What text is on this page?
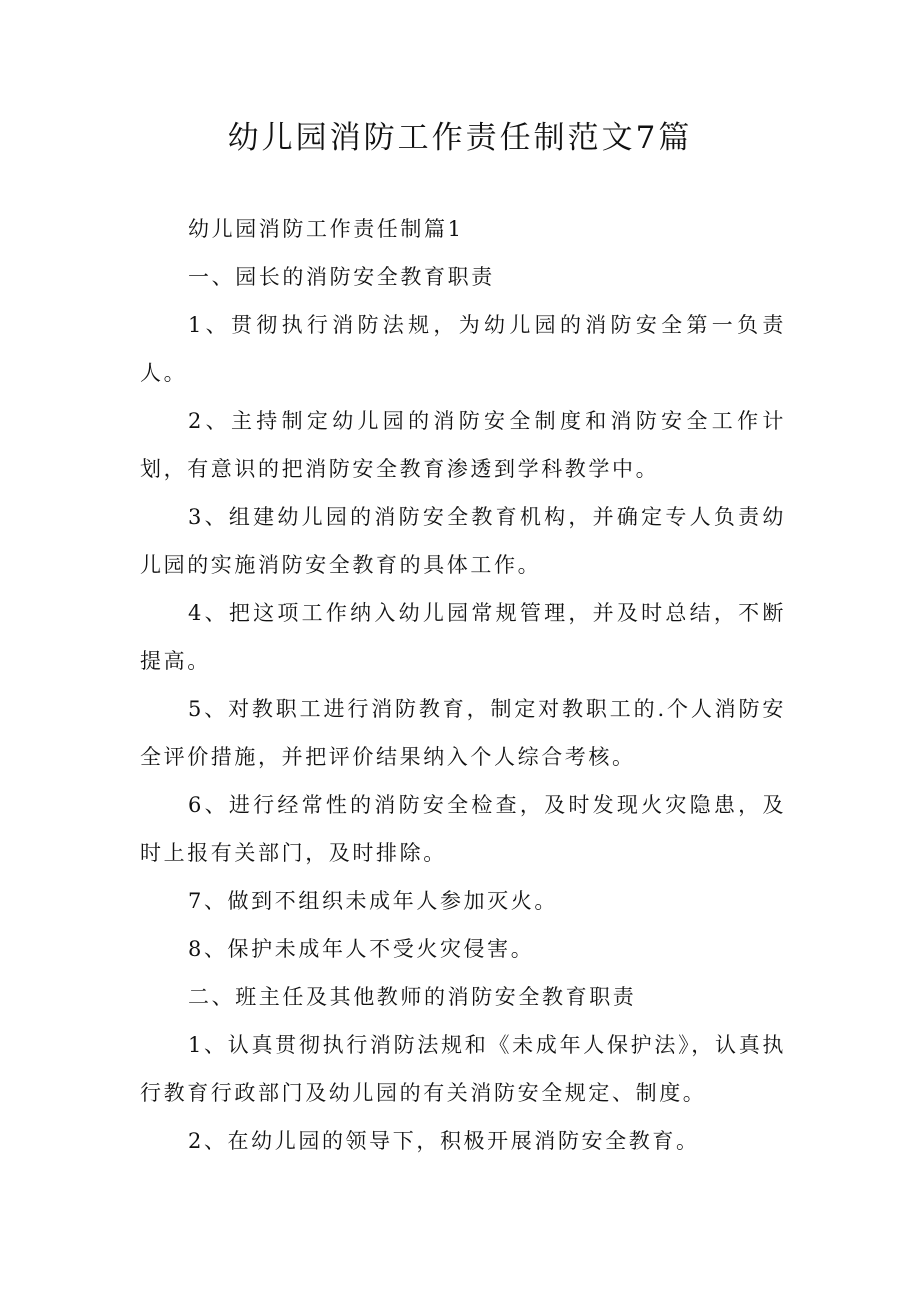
幼儿园消防工作责任制范文7篇

幼儿园消防工作责任制篇1

一、园长的消防安全教育职责

1、贯彻执行消防法规，为幼儿园的消防安全第一负责人。

2、主持制定幼儿园的消防安全制度和消防安全工作计划，有意识的把消防安全教育渗透到学科教学中。

3、组建幼儿园的消防安全教育机构，并确定专人负责幼儿园的实施消防安全教育的具体工作。

4、把这项工作纳入幼儿园常规管理，并及时总结，不断提高。

5、对教职工进行消防教育，制定对教职工的.个人消防安全评价措施，并把评价结果纳入个人综合考核。

6、进行经常性的消防安全检查，及时发现火灾隐患，及时上报有关部门，及时排除。

7、做到不组织未成年人参加灭火。

8、保护未成年人不受火灾侵害。

二、班主任及其他教师的消防安全教育职责

1、认真贯彻执行消防法规和《未成年人保护法》，认真执行教育行政部门及幼儿园的有关消防安全规定、制度。

2、在幼儿园的领导下，积极开展消防安全教育。
